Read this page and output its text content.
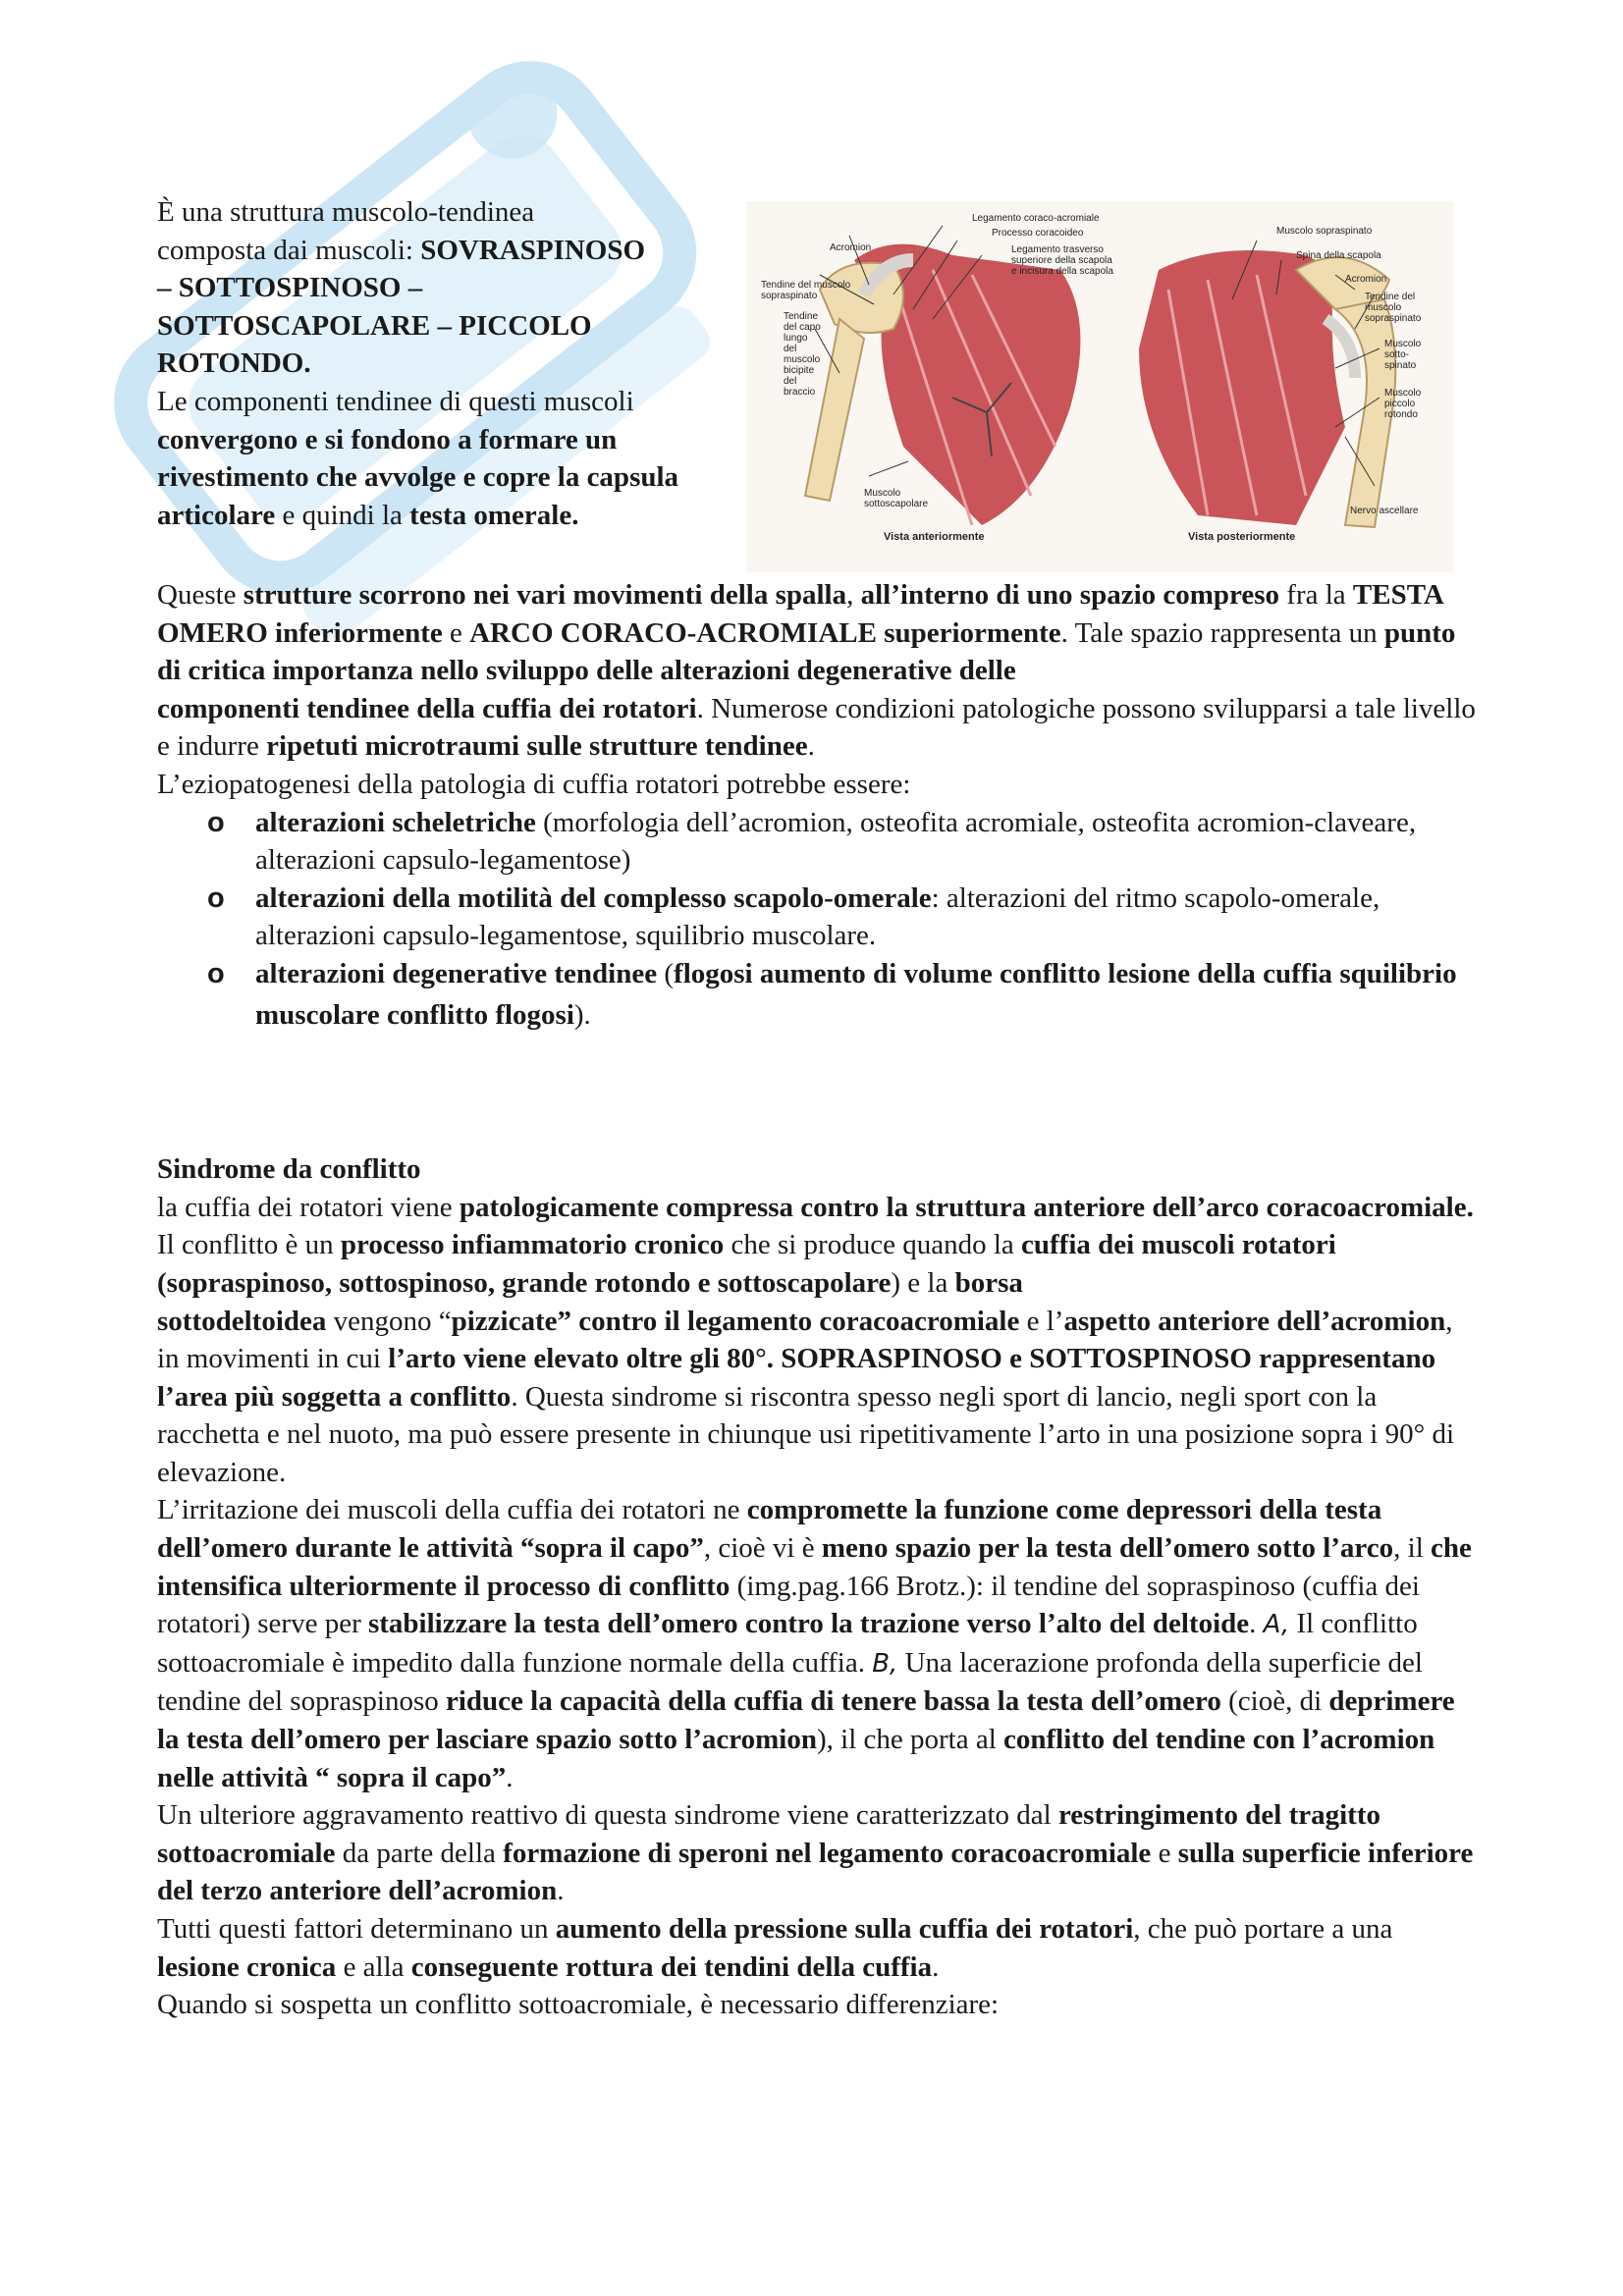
È una struttura muscolo-tendinea

composta dai muscoli: SOVRASPINOSO

– SOTTOSPINOSO –

SOTTOSCAPOLARE – PICCOLO

ROTONDO.

Le componenti tendinee di questi muscoli convergono e si fondono a formare un rivestimento che avvolge e copre la capsula articolare e quindi la testa omerale.

Legamento coraco-acromiale
Processo coracoideo
Legamento trasverso superiore della scapola e incisura della scapola
Acromion
Tendine del muscolo sopraspinato
Tendine del capo lungo del muscolo bicipite del braccio
Muscolo sottoscapolare
Vista anteriormente
Muscolo sopraspinato
Spina della scapola
Acromion
Tendine del muscolo sopraspinato
Muscolo sotto-spinato
Muscolo piccolo rotondo
Nervo ascellare
Vista posteriormente

Queste strutture scorrono nei vari movimenti della spalla, all’interno di uno spazio compreso fra la TESTA OMERO inferiormente e ARCO CORACO-ACROMIALE superiormente. Tale spazio rappresenta un punto di critica importanza nello sviluppo delle alterazioni degenerative delle

componenti tendinee della cuffia dei rotatori. Numerose condizioni patologiche possono svilupparsi a tale livello e indurre ripetuti microtraumi sulle strutture tendinee.

L’eziopatogenesi della patologia di cuffia rotatori potrebbe essere:

o alterazioni scheletriche (morfologia dell’acromion, osteofita acromiale, osteofita acromion-claveare, alterazioni capsulo-legamentose)
o alterazioni della motilità del complesso scapolo-omerale: alterazioni del ritmo scapolo-omerale, alterazioni capsulo-legamentose, squilibrio muscolare.
o alterazioni degenerative tendinee (flogosi aumento di volume conflitto lesione della cuffia squilibrio muscolare conflitto flogosi).

Sindrome da conflitto

la cuffia dei rotatori viene patologicamente compressa contro la struttura anteriore dell’arco coracoacromiale. Il conflitto è un processo infiammatorio cronico che si produce quando la cuffia dei muscoli rotatori (sopraspinoso, sottospinoso, grande rotondo e sottoscapolare) e la borsa

sottodeltoidea vengono “pizzicate” contro il legamento coracoacromiale e l’aspetto anteriore dell’acromion, in movimenti in cui l’arto viene elevato oltre gli 80°. SOPRASPINOSO e SOTTOSPINOSO rappresentano l’area più soggetta a conflitto. Questa sindrome si riscontra spesso negli sport di lancio, negli sport con la racchetta e nel nuoto, ma può essere presente in chiunque usi ripetitivamente l’arto in una posizione sopra i 90° di elevazione.

L’irritazione dei muscoli della cuffia dei rotatori ne compromette la funzione come depressori della testa dell’omero durante le attività “sopra il capo”, cioè vi è meno spazio per la testa dell’omero sotto l’arco, il che intensifica ulteriormente il processo di conflitto (img.pag.166 Brotz.): il tendine del sopraspinoso (cuffia dei rotatori) serve per stabilizzare la testa dell’omero contro la trazione verso l’alto del deltoide. A, Il conflitto sottoacromiale è impedito dalla funzione normale della cuffia. B, Una lacerazione profonda della superficie del tendine del sopraspinoso riduce la capacità della cuffia di tenere bassa la testa dell’omero (cioè, di deprimere la testa dell’omero per lasciare spazio sotto l’acromion), il che porta al conflitto del tendine con l’acromion nelle attività “ sopra il capo”.

Un ulteriore aggravamento reattivo di questa sindrome viene caratterizzato dal restringimento del tragitto sottoacromiale da parte della formazione di speroni nel legamento coracoacromiale e sulla superficie inferiore del terzo anteriore dell’acromion.

Tutti questi fattori determinano un aumento della pressione sulla cuffia dei rotatori, che può portare a una lesione cronica e alla conseguente rottura dei tendini della cuffia.

Quando si sospetta un conflitto sottoacromiale, è necessario differenziare:
